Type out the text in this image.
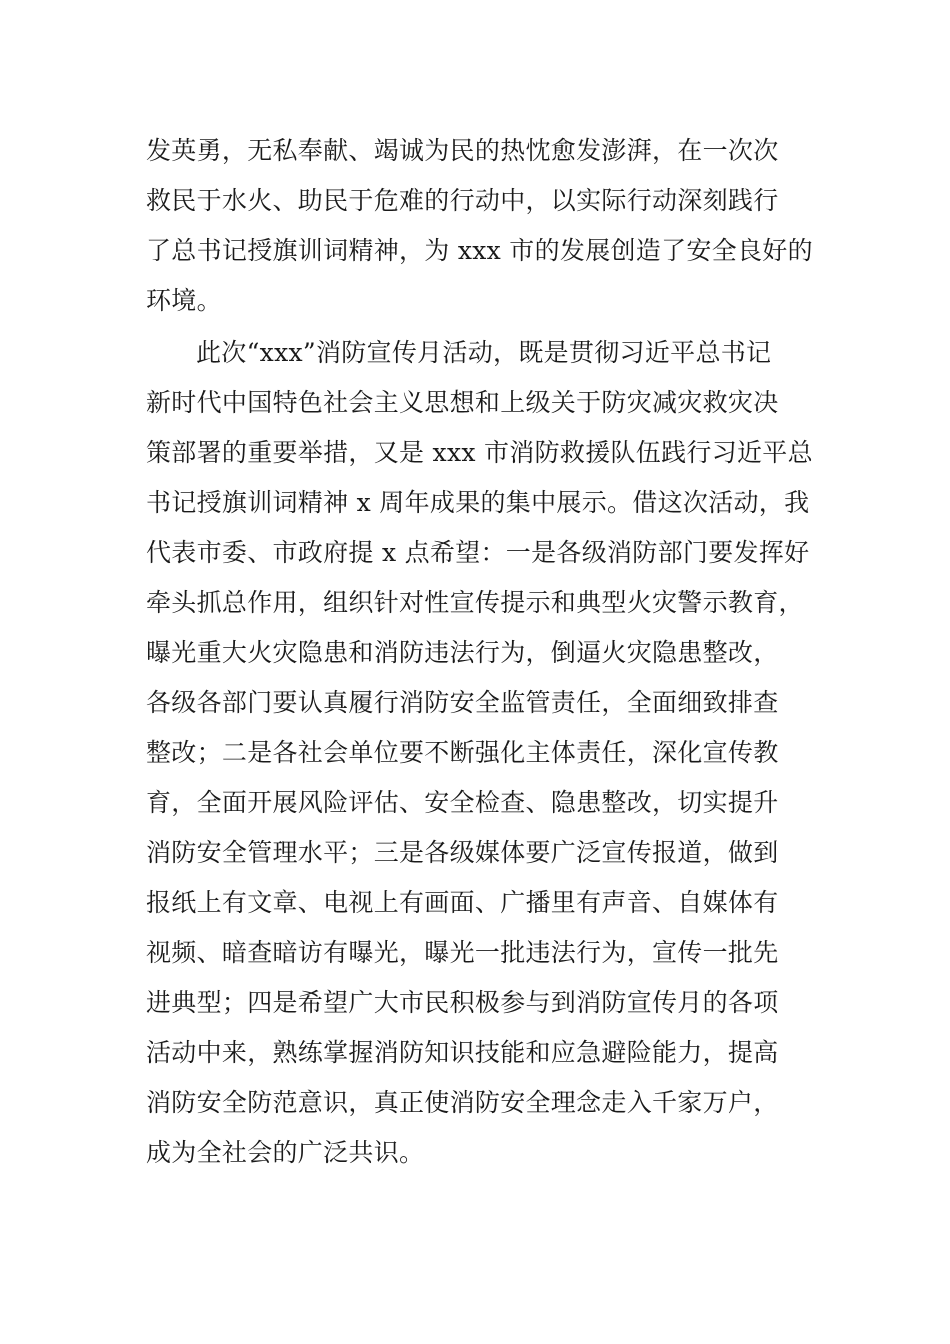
发英勇，无私奉献、竭诚为民的热忱愈发澎湃，在一次次

救民于水火、助民于危难的行动中，以实际行动深刻践行

了总书记授旗训词精神，为 xxx 市的发展创造了安全良好的

环境。

此次“xxx”消防宣传月活动，既是贯彻习近平总书记

新时代中国特色社会主义思想和上级关于防灾减灾救灾决

策部署的重要举措，又是 xxx 市消防救援队伍践行习近平总

书记授旗训词精神 x 周年成果的集中展示。借这次活动，我

代表市委、市政府提 x 点希望：一是各级消防部门要发挥好

牵头抓总作用，组织针对性宣传提示和典型火灾警示教育，

曝光重大火灾隐患和消防违法行为，倒逼火灾隐患整改，

各级各部门要认真履行消防安全监管责任，全面细致排查

整改；二是各社会单位要不断强化主体责任，深化宣传教

育，全面开展风险评估、安全检查、隐患整改，切实提升

消防安全管理水平；三是各级媒体要广泛宣传报道，做到

报纸上有文章、电视上有画面、广播里有声音、自媒体有

视频、暗查暗访有曝光，曝光一批违法行为，宣传一批先

进典型；四是希望广大市民积极参与到消防宣传月的各项

活动中来，熟练掌握消防知识技能和应急避险能力，提高

消防安全防范意识，真正使消防安全理念走入千家万户，

成为全社会的广泛共识。
